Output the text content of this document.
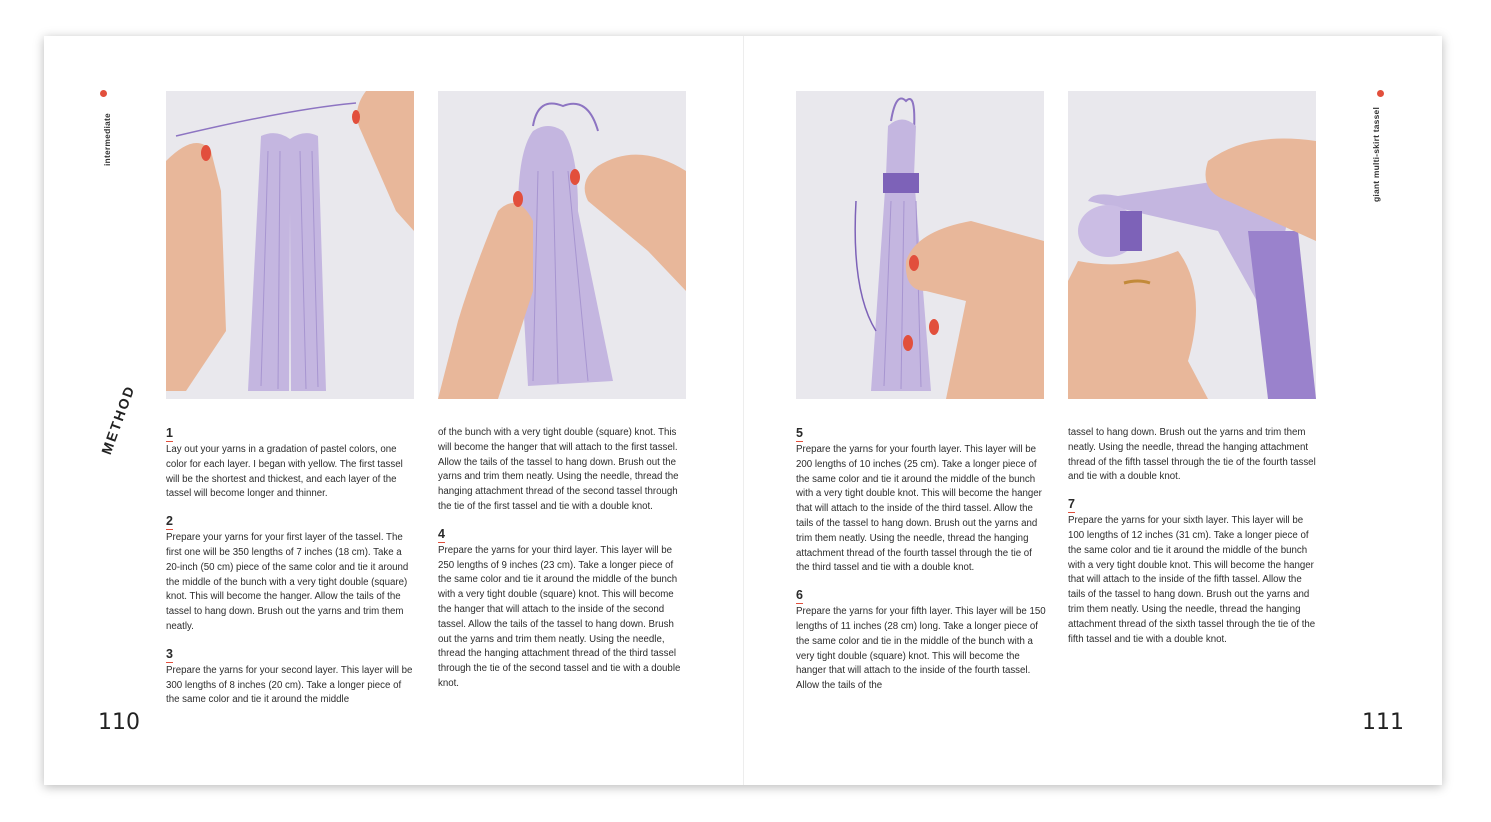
intermediate
METHOD
giant multi-skirt tassel
1

Lay out your yarns in a gradation of pastel colors, one color for each layer. I began with yellow. The first tassel will be the shortest and thickest, and each layer of the tassel will become longer and thinner.

2

Prepare your yarns for your first layer of the tassel. The first one will be 350 lengths of 7 inches (18 cm). Take a 20-inch (50 cm) piece of the same color and tie it around the middle of the bunch with a very tight double (square) knot. This will become the hanger. Allow the tails of the tassel to hang down. Brush out the yarns and trim them neatly.

3

Prepare the yarns for your second layer. This layer will be 300 lengths of 8 inches (20 cm). Take a longer piece of the same color and tie it around the middle

of the bunch with a very tight double (square) knot. This will become the hanger that will attach to the first tassel. Allow the tails of the tassel to hang down. Brush out the yarns and trim them neatly. Using the needle, thread the hanging attachment thread of the second tassel through the tie of the first tassel and tie with a double knot.

4

Prepare the yarns for your third layer. This layer will be 250 lengths of 9 inches (23 cm). Take a longer piece of the same color and tie it around the middle of the bunch with a very tight double (square) knot. This will become the hanger that will attach to the inside of the second tassel. Allow the tails of the tassel to hang down. Brush out the yarns and trim them neatly. Using the needle, thread the hanging attachment thread of the third tassel through the tie of the second tassel and tie with a double knot.

5

Prepare the yarns for your fourth layer. This layer will be 200 lengths of 10 inches (25 cm). Take a longer piece of the same color and tie it around the middle of the bunch with a very tight double knot. This will become the hanger that will attach to the inside of the third tassel. Allow the tails of the tassel to hang down. Brush out the yarns and trim them neatly. Using the needle, thread the hanging attachment thread of the fourth tassel through the tie of the third tassel and tie with a double knot.

6

Prepare the yarns for your fifth layer. This layer will be 150 lengths of 11 inches (28 cm) long. Take a longer piece of the same color and tie in the middle of the bunch with a very tight double (square) knot. This will become the hanger that will attach to the inside of the fourth tassel. Allow the tails of the

tassel to hang down. Brush out the yarns and trim them neatly. Using the needle, thread the hanging attachment thread of the fifth tassel through the tie of the fourth tassel and tie with a double knot.

7

Prepare the yarns for your sixth layer. This layer will be 100 lengths of 12 inches (31 cm). Take a longer piece of the same color and tie it around the middle of the bunch with a very tight double knot. This will become the hanger that will attach to the inside of the fifth tassel. Allow the tails of the tassel to hang down. Brush out the yarns and trim them neatly. Using the needle, thread the hanging attachment thread of the sixth tassel through the tie of the fifth tassel and tie with a double knot.

110	111
